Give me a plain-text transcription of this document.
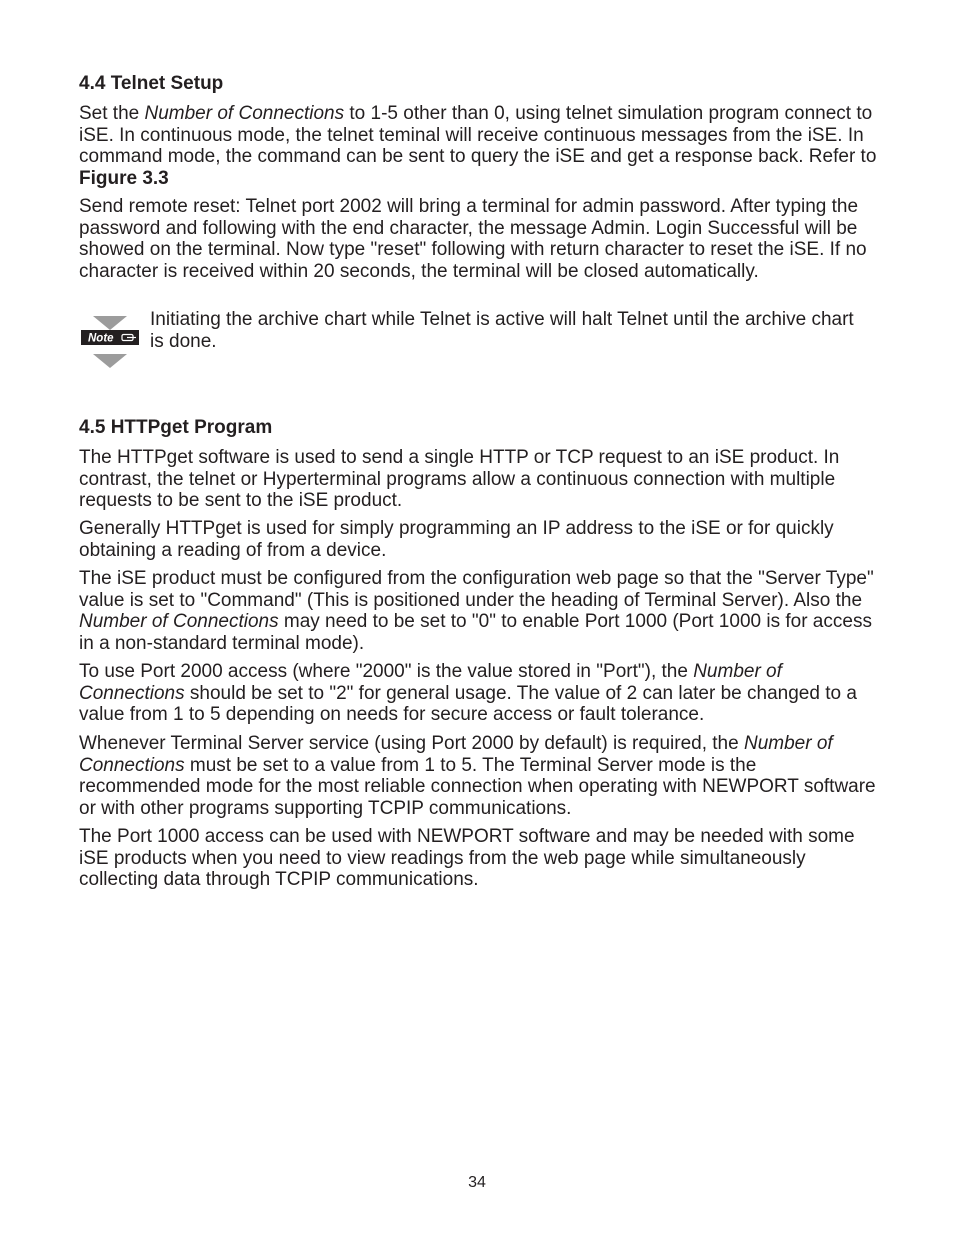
4.4 Telnet Setup

Set the Number of Connections to 1-5 other than 0, using telnet simulation program connect to iSE. In continuous mode, the telnet teminal will receive continuous messages from the iSE. In command mode, the command can be sent to query the iSE and get a response back. Refer to Figure 3.3

Send remote reset: Telnet port 2002 will bring a terminal for admin password. After typing the password and following with the end character, the message Admin. Login Successful will be showed on the terminal. Now type "reset" following with return character to reset the iSE. If no character is received within 20 seconds, the terminal will be closed automatically.

Note

Initiating the archive chart while Telnet is active will halt Telnet until the archive chart is done.

4.5 HTTPget Program

The HTTPget software is used to send a single HTTP or TCP request to an iSE product. In contrast, the telnet or Hyperterminal programs allow a continuous connection with multiple requests to be sent to the iSE product.

Generally HTTPget is used for simply programming an IP address to the iSE or for quickly obtaining a reading of from a device.

The iSE product must be configured from the configuration web page so that the "Server Type" value is set to "Command" (This is positioned under the heading of Terminal Server). Also the Number of Connections may need to be set to "0" to enable Port 1000 (Port 1000 is for access in a non-standard terminal mode).

To use Port 2000 access (where "2000" is the value stored in "Port"), the Number of Connections should be set to "2" for general usage. The value of 2 can later be changed to a value from 1 to 5 depending on needs for secure access or fault tolerance.

Whenever Terminal Server service (using Port 2000 by default) is required, the Number of Connections must be set to a value from 1 to 5. The Terminal Server mode is the recommended mode for the most reliable connection when operating with NEWPORT software or with other programs supporting TCPIP communications.

The Port 1000 access can be used with NEWPORT software and may be needed with some iSE products when you need to view readings from the web page while simultaneously collecting data through TCPIP communications.

34
